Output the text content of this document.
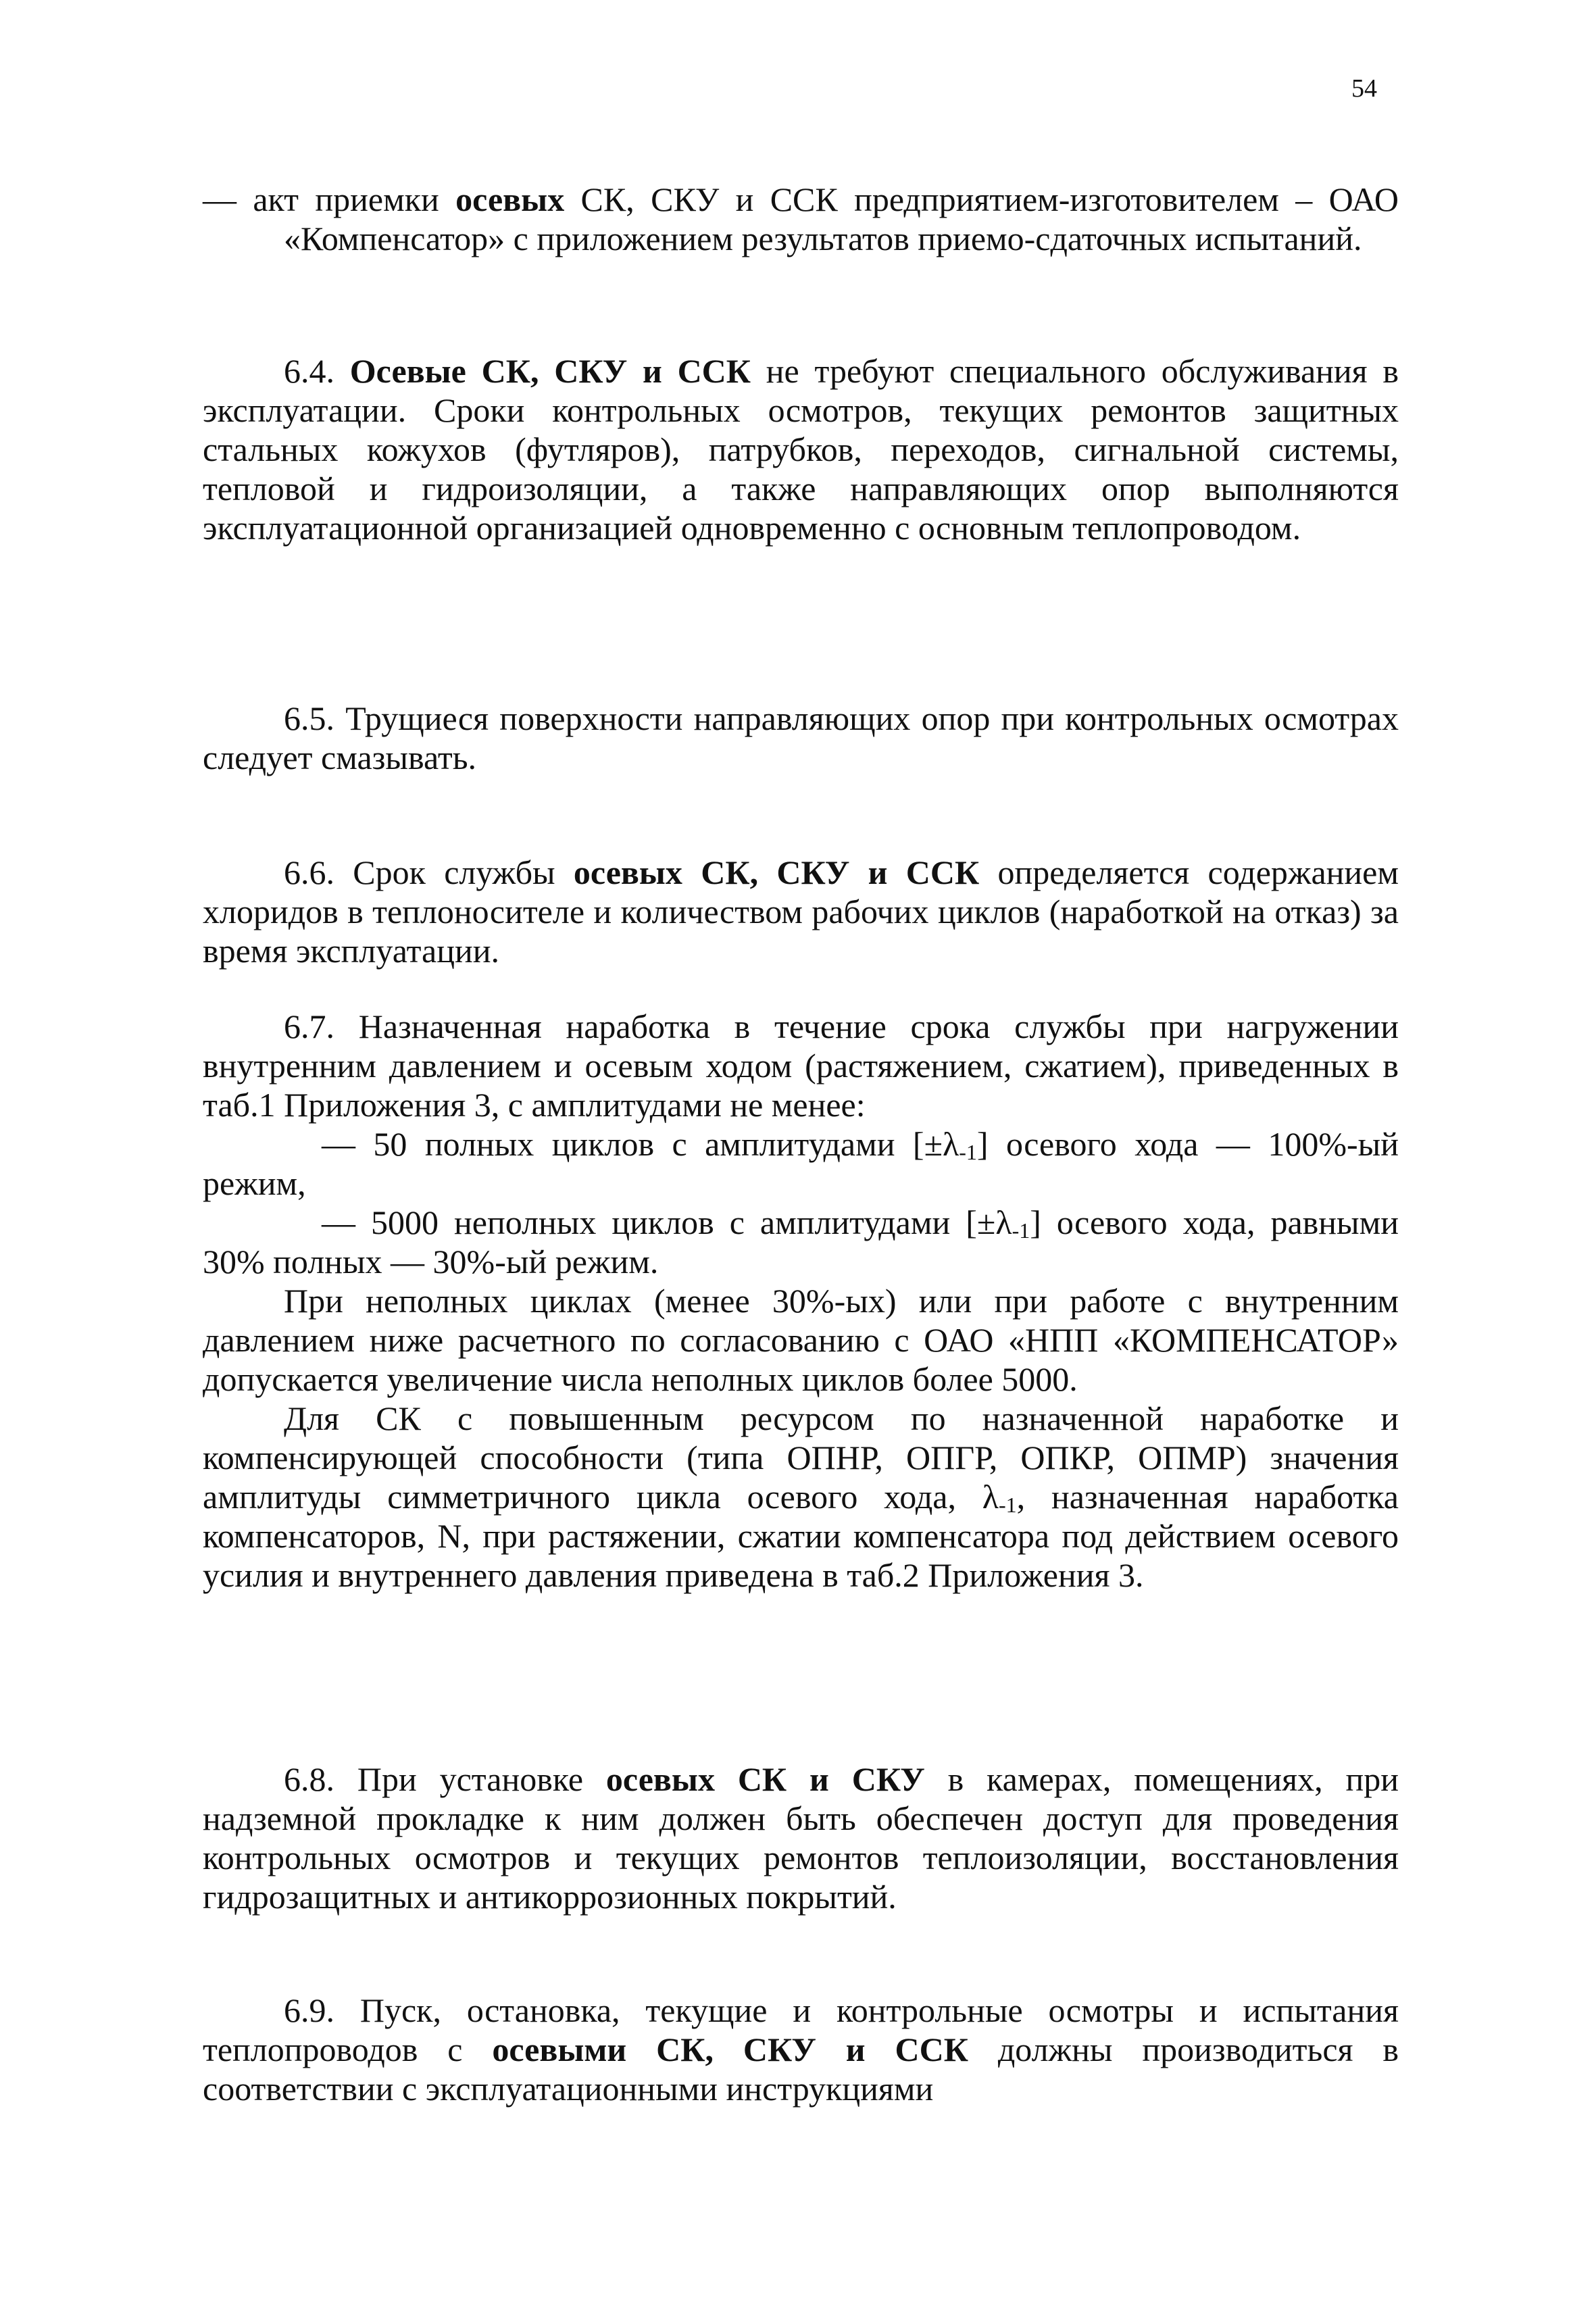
54

— акт приемки осевых СК, СКУ и ССК предприятием-изготовителем – ОАО «Компенсатор» с приложением результатов приемо-сдаточных испытаний.

6.4. Осевые СК, СКУ и ССК не требуют специального обслуживания в эксплуатации. Сроки контрольных осмотров, текущих ремонтов защитных стальных кожухов (футляров), патрубков, переходов, сигнальной системы, тепловой и гидроизоляции, а также направляющих опор выполняются эксплуатационной организацией одновременно с основным теплопроводом.

6.5. Трущиеся поверхности направляющих опор при контрольных осмотрах следует смазывать.

6.6. Срок службы осевых СК, СКУ и ССК определяется содержанием хлоридов в теплоносителе и количеством рабочих циклов (наработкой на отказ) за время эксплуатации.

6.7. Назначенная наработка в течение срока службы при нагружении внутренним давлением и осевым ходом (растяжением, сжатием), приведенных в таб.1 Приложения 3, с амплитудами не менее:

— 50 полных циклов с амплитудами $[\pm\lambda_{-1}]$ осевого хода — 100%-ый режим,

— 5000 неполных циклов с амплитудами $[\pm\lambda_{-1}]$ осевого хода, равными 30% полных — 30%-ый режим.

При неполных циклах (менее 30%-ых) или при работе с внутренним давлением ниже расчетного по согласованию с ОАО «НПП «КОМПЕНСАТОР» допускается увеличение числа неполных циклов более 5000.

Для СК с повышенным ресурсом по назначенной наработке и компенсирующей способности (типа ОПНР, ОПГР, ОПКР, ОПМР) значения амплитуды симметричного цикла осевого хода, $\lambda_{-1}$, назначенная наработка компенсаторов, N, при растяжении, сжатии компенсатора под действием осевого усилия и внутреннего давления приведена в таб.2 Приложения 3.

6.8. При установке осевых СК и СКУ в камерах, помещениях, при надземной прокладке к ним должен быть обеспечен доступ для проведения контрольных осмотров и текущих ремонтов теплоизоляции, восстановления гидрозащитных и антикоррозионных покрытий.

6.9. Пуск, остановка, текущие и контрольные осмотры и испытания теплопроводов с осевыми СК, СКУ и ССК должны производиться в соответствии с эксплуатационными инструкциями
